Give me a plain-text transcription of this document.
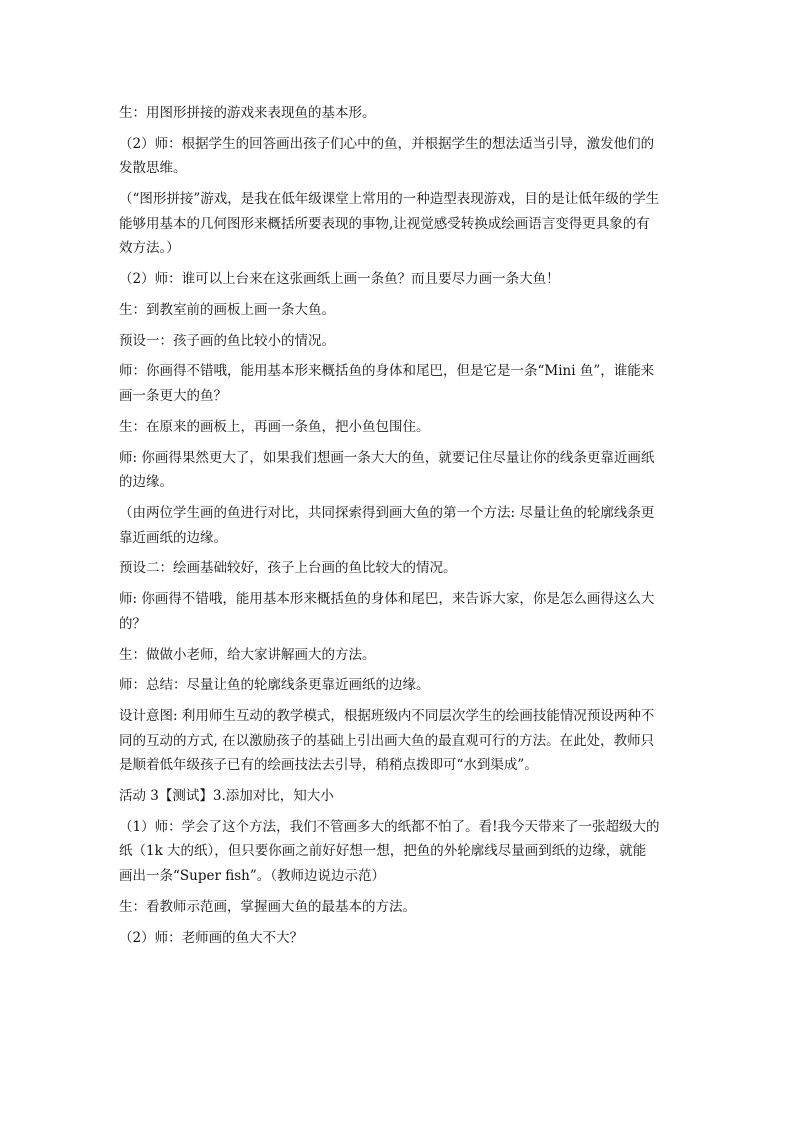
生：用图形拼接的游戏来表现鱼的基本形。
（2）师：根据学生的回答画出孩子们心中的鱼，并根据学生的想法适当引导，激发他们的
发散思维。
（“图形拼接”游戏，是我在低年级课堂上常用的一种造型表现游戏，目的是让低年级的学生
能够用基本的几何图形来概括所要表现的事物,让视觉感受转换成绘画语言变得更具象的有
效方法。）
（2）师：谁可以上台来在这张画纸上画一条鱼？而且要尽力画一条大鱼！
生：到教室前的画板上画一条大鱼。
预设一：孩子画的鱼比较小的情况。
师：你画得不错哦，能用基本形来概括鱼的身体和尾巴，但是它是一条“Mini 鱼”，谁能来
画一条更大的鱼？
生：在原来的画板上，再画一条鱼，把小鱼包围住。
师: 你画得果然更大了，如果我们想画一条大大的鱼，就要记住尽量让你的线条更靠近画纸
的边缘。
（由两位学生画的鱼进行对比，共同探索得到画大鱼的第一个方法: 尽量让鱼的轮廓线条更
靠近画纸的边缘。
预设二：绘画基础较好，孩子上台画的鱼比较大的情况。
师: 你画得不错哦，能用基本形来概括鱼的身体和尾巴，来告诉大家，你是怎么画得这么大
的？
生：做做小老师，给大家讲解画大的方法。
师：总结：尽量让鱼的轮廓线条更靠近画纸的边缘。
设计意图: 利用师生互动的教学模式，根据班级内不同层次学生的绘画技能情况预设两种不
同的互动的方式, 在以激励孩子的基础上引出画大鱼的最直观可行的方法。在此处，教师只
是顺着低年级孩子已有的绘画技法去引导，稍稍点拨即可“水到渠成”。
活动 3【测试】3.添加对比，知大小
（1）师：学会了这个方法，我们不管画多大的纸都不怕了。看!我今天带来了一张超级大的
纸（1k 大的纸），但只要你画之前好好想一想，把鱼的外轮廓线尽量画到纸的边缘，就能
画出一条“Super fish”。（教师边说边示范）
生：看教师示范画，掌握画大鱼的最基本的方法。
（2）师：老师画的鱼大不大？
